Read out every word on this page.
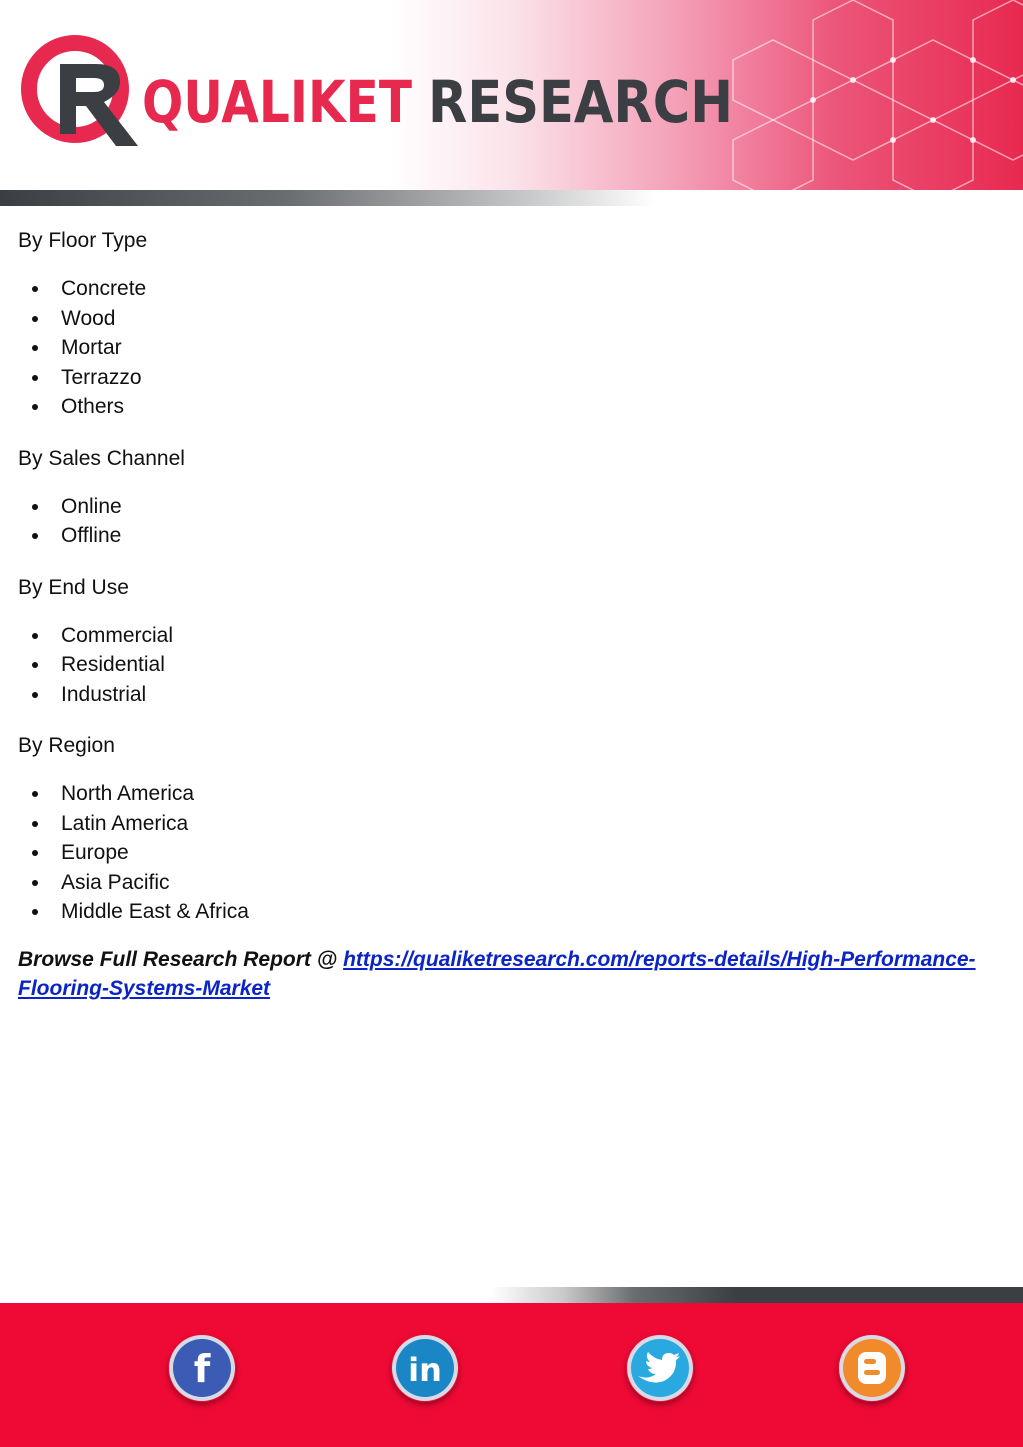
QUALIKET RESEARCH
By Floor Type
Concrete
Wood
Mortar
Terrazzo
Others
By Sales Channel
Online
Offline
By End Use
Commercial
Residential
Industrial
By Region
North America
Latin America
Europe
Asia Pacific
Middle East & Africa

Browse Full Research Report @ https://qualiketresearch.com/reports-details/High-Performance-Flooring-Systems-Market

f	in
